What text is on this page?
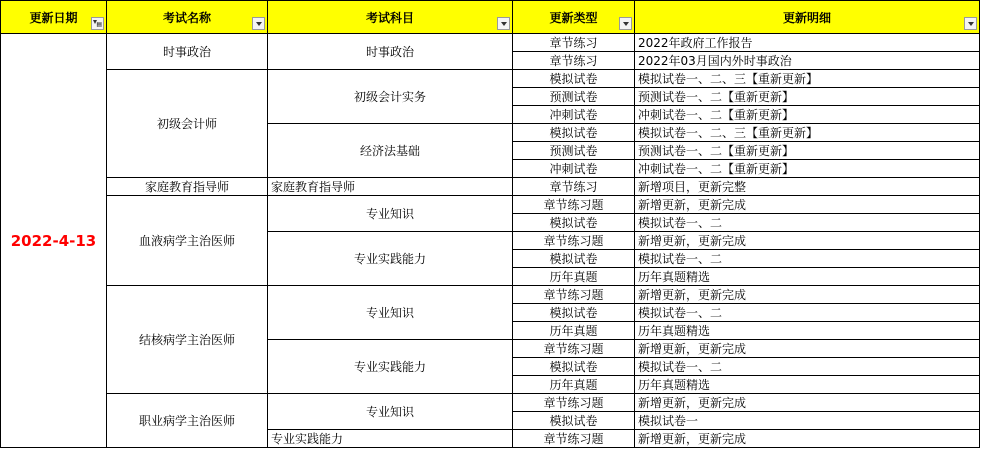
更新日期 ▤	考试名称	考试科目	更新类型	更新明细

2022-4-13	时事政治	时事政治	章节练习	2022年政府工作报告
			章节练习	2022年03月国内外时事政治
	初级会计师	初级会计实务	模拟试卷	模拟试卷一、二、三【重新更新】
			预测试卷	预测试卷一、二【重新更新】
			冲刺试卷	冲刺试卷一、二【重新更新】
		经济法基础	模拟试卷	模拟试卷一、二、三【重新更新】
			预测试卷	预测试卷一、二【重新更新】
			冲刺试卷	冲刺试卷一、二【重新更新】
	家庭教育指导师	家庭教育指导师	章节练习	新增项目，更新完整
	血液病学主治医师	专业知识	章节练习题	新增更新，更新完成
			模拟试卷	模拟试卷一、二
		专业实践能力	章节练习题	新增更新，更新完成
			模拟试卷	模拟试卷一、二
			历年真题	历年真题精选
	结核病学主治医师	专业知识	章节练习题	新增更新，更新完成
			模拟试卷	模拟试卷一、二
			历年真题	历年真题精选
		专业实践能力	章节练习题	新增更新，更新完成
			模拟试卷	模拟试卷一、二
			历年真题	历年真题精选
	职业病学主治医师	专业知识	章节练习题	新增更新，更新完成
			模拟试卷	模拟试卷一
		专业实践能力	章节练习题	新增更新，更新完成
